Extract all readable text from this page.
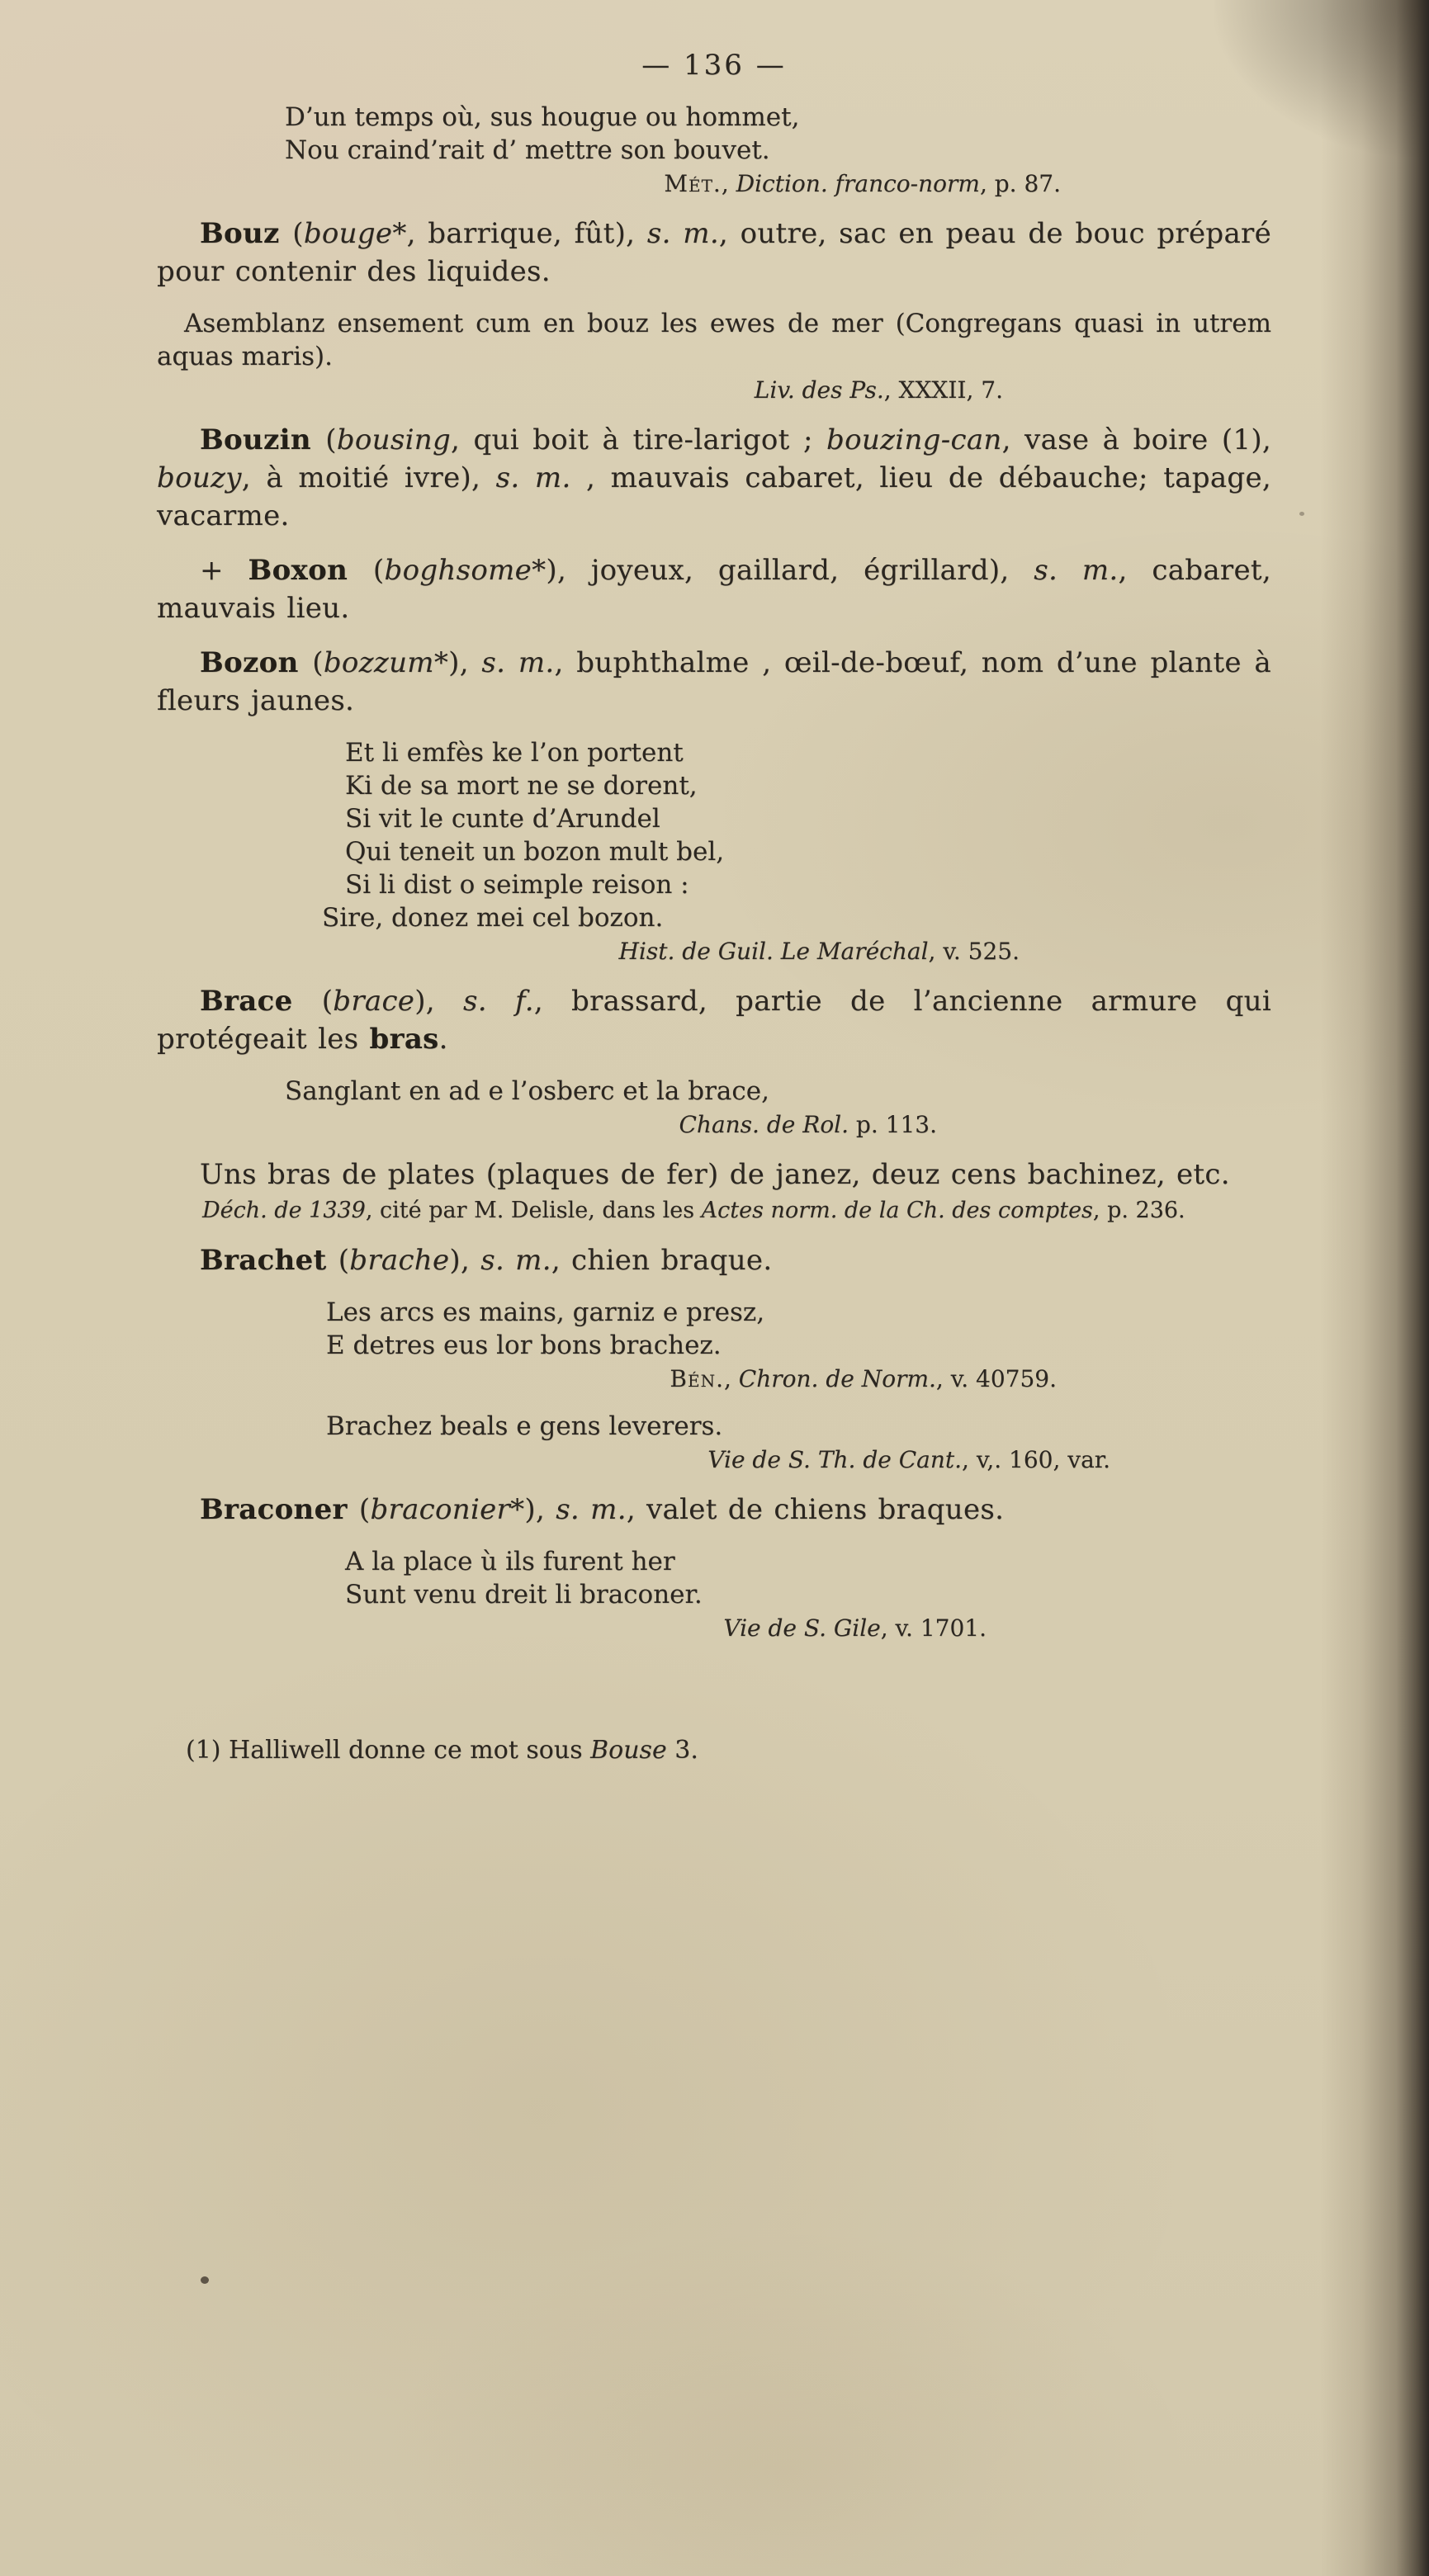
— 136 —
D’un temps où, sus hougue ou hommet,
Nou craind’rait d’ mettre son bouvet.
Mét., Diction. franco-norm, p. 87.

Bouz (bouge*, barrique, fût), s. m., outre, sac en peau de bouc préparé pour contenir des liquides.

Asemblanz ensement cum en bouz les ewes de mer (Congregans quasi in utrem aquas maris).

Liv. des Ps., XXXII, 7.

Bouzin (bousing, qui boit à tire-larigot ; bouzing-can, vase à boire (1), bouzy, à moitié ivre), s. m. , mauvais cabaret, lieu de débauche; tapage, vacarme.

+ Boxon (boghsome*), joyeux, gaillard, égrillard), s. m., cabaret, mauvais lieu.

Bozon (bozzum*), s. m., buphthalme , œil-de-bœuf, nom d’une plante à fleurs jaunes.

Et li emfès ke l’on portent
Ki de sa mort ne se dorent,
Si vit le cunte d’Arundel
Qui teneit un bozon mult bel,
Si li dist o seimple reison :
Sire, donez mei cel bozon.
Hist. de Guil. Le Maréchal, v. 525.

Brace (brace), s. f., brassard, partie de l’ancienne armure qui protégeait les bras.

Sanglant en ad e l’osberc et la brace,
Chans. de Rol. p. 113.

Uns bras de plates (plaques de fer) de janez, deuz cens bachinez, etc.

Déch. de 1339, cité par M. Delisle, dans les Actes norm. de la Ch. des comptes, p. 236.

Brachet (brache), s. m., chien braque.

Les arcs es mains, garniz e presz,
E detres eus lor bons brachez.
Bén., Chron. de Norm., v. 40759.
Brachez beals e gens leverers.
Vie de S. Th. de Cant., v,. 160, var.

Braconer (braconier*), s. m., valet de chiens braques.

A la place ù ils furent her
Sunt venu dreit li braconer.
Vie de S. Gile, v. 1701.

(1) Halliwell donne ce mot sous Bouse 3.
